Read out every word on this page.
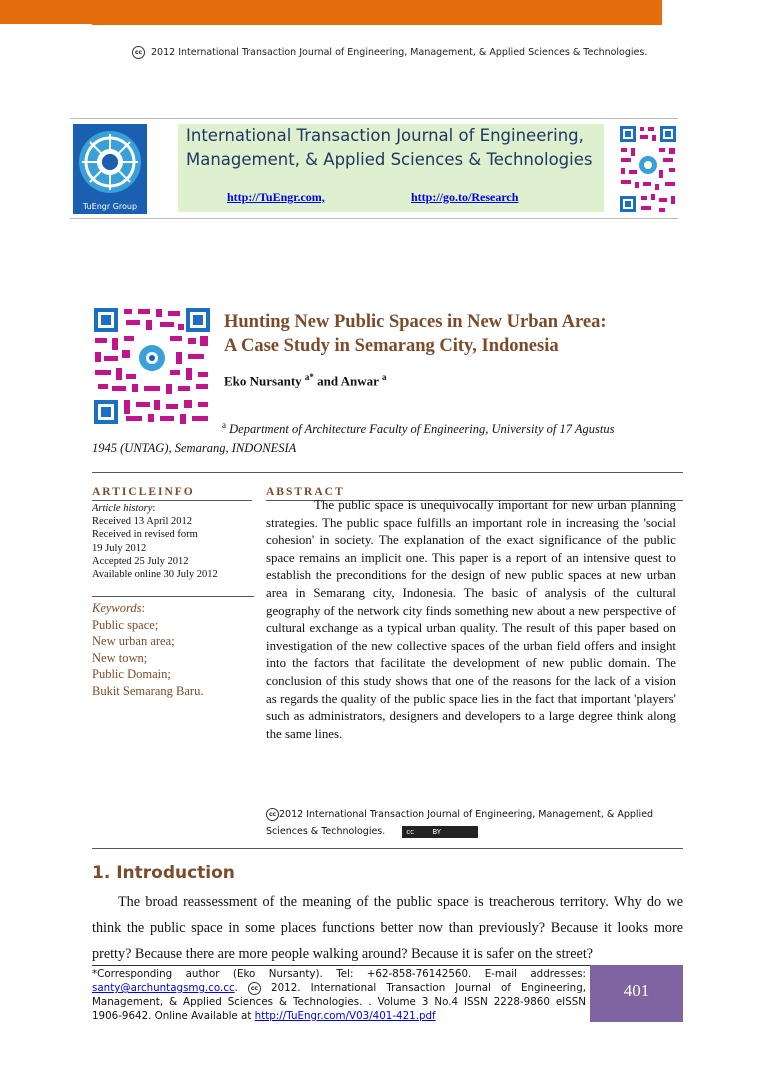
cc 2012 International Transaction Journal of Engineering, Management, & Applied Sciences & Technologies.
TuEngr Group
International Transaction Journal of Engineering,
Management, & Applied Sciences & Technologies
http://TuEngr.com,	http://go.to/Research
Hunting New Public Spaces in New Urban Area:
A Case Study in Semarang City, Indonesia
Eko Nursanty $^{a*}$ and Anwar $^a$
$^a$ Department of Architecture Faculty of Engineering, University of 17 Agustus
1945 (UNTAG), Semarang, INDONESIA
ARTICLEINFO	ABSTRACT
Article history:
Received 13 April 2012
Received in revised form
19 July 2012
Accepted 25 July 2012
Available online 30 July 2012
Keywords:
Public space;
New urban area;
New town;
Public Domain;
Bukit Semarang Baru.
The public space is unequivocally important for new urban planning strategies. The public space fulfills an important role in increasing the 'social cohesion' in society. The explanation of the exact significance of the public space remains an implicit one. This paper is a report of an intensive quest to establish the preconditions for the design of new public spaces at new urban area in Semarang city, Indonesia. The basic of analysis of the cultural geography of the network city finds something new about a new perspective of cultural exchange as a typical urban quality. The result of this paper based on investigation of the new collective spaces of the urban field offers and insight into the factors that facilitate the development of new public domain. The conclusion of this study shows that one of the reasons for the lack of a vision as regards the quality of the public space lies in the fact that important 'players' such as administrators, designers and developers to a large degree think along the same lines.
cc 2012 International Transaction Journal of Engineering, Management, & Applied Sciences & Technologies.	cc	BY
1. Introduction
The broad reassessment of the meaning of the public space is treacherous territory. Why do we think the public space in some places functions better now than previously? Because it looks more pretty? Because there are more people walking around? Because it is safer on the street?
*Corresponding author (Eko Nursanty). Tel: +62-858-76142560. E-mail addresses: santy@archuntagsmg.co.cc. cc 2012. International Transaction Journal of Engineering, Management, & Applied Sciences & Technologies. . Volume 3 No.4 ISSN 2228-9860 eISSN 1906-9642. Online Available at http://TuEngr.com/V03/401-421.pdf
401
